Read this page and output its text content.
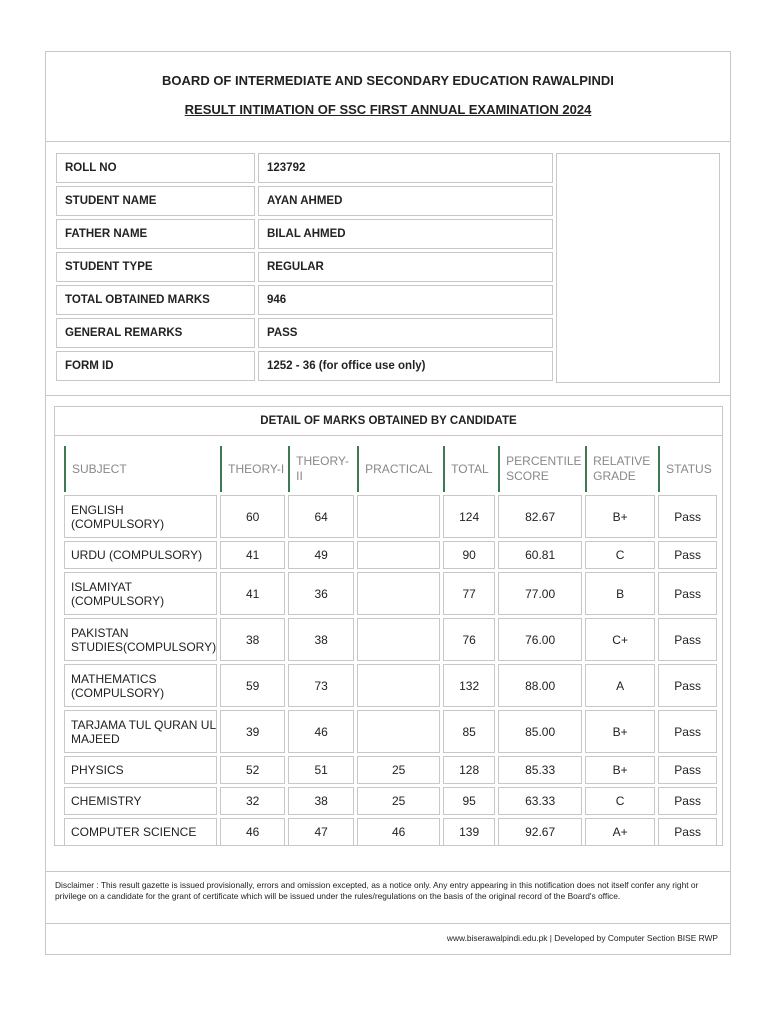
BOARD OF INTERMEDIATE AND SECONDARY EDUCATION RAWALPINDI
RESULT INTIMATION OF SSC FIRST ANNUAL EXAMINATION 2024
ROLL NO	123792
STUDENT NAME	AYAN AHMED
FATHER NAME	BILAL AHMED
STUDENT TYPE	REGULAR
TOTAL OBTAINED MARKS	946
GENERAL REMARKS	PASS
FORM ID	1252 - 36 (for office use only)
DETAIL OF MARKS OBTAINED BY CANDIDATE
SUBJECT	THEORY-I	THEORY-II	PRACTICAL	TOTAL	PERCENTILE SCORE	RELATIVE GRADE	STATUS
ENGLISH (COMPULSORY)	60	64		124	82.67	B+	Pass
URDU (COMPULSORY)	41	49		90	60.81	C	Pass
ISLAMIYAT (COMPULSORY)	41	36		77	77.00	B	Pass
PAKISTAN STUDIES(COMPULSORY)	38	38		76	76.00	C+	Pass
MATHEMATICS (COMPULSORY)	59	73		132	88.00	A	Pass
TARJAMA TUL QURAN UL MAJEED	39	46		85	85.00	B+	Pass
PHYSICS	52	51	25	128	85.33	B+	Pass
CHEMISTRY	32	38	25	95	63.33	C	Pass
COMPUTER SCIENCE	46	47	46	139	92.67	A+	Pass
Disclaimer : This result gazette is issued provisionally, errors and omission excepted, as a notice only. Any entry appearing in this notification does not itself confer any right or privilege on a candidate for the grant of certificate which will be issued under the rules/regulations on the basis of the original record of the Board's office.
www.biserawalpindi.edu.pk | Developed by Computer Section BISE RWP
